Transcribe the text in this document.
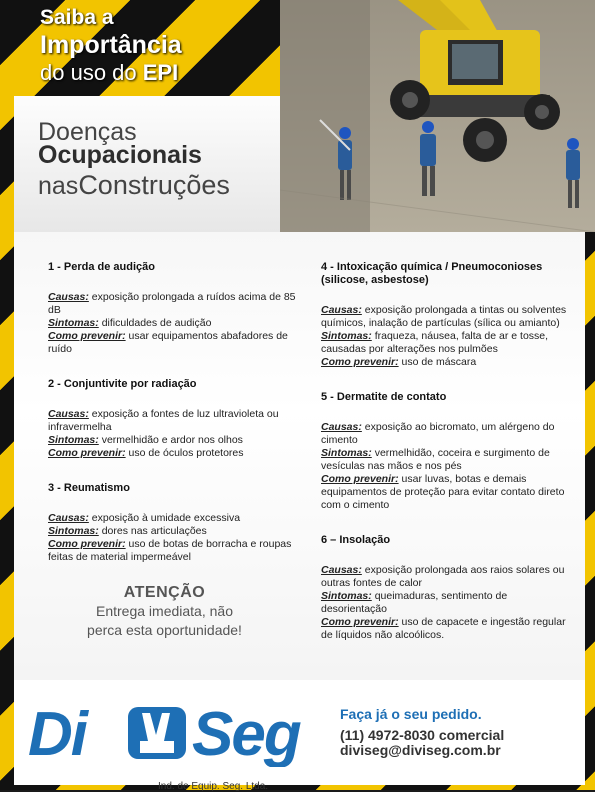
Saiba a
Importância
do uso do EPI
Doenças
Ocupacionais
nasConstruções
1 - Perda de audição

Causas: exposição prolongada a ruídos acima de 85 dB

Sintomas: dificuldades de audição

Como prevenir: usar equipamentos abafadores de ruído

2 - Conjuntivite por radiação

Causas: exposição a fontes de luz ultravioleta ou infravermelha

Sintomas: vermelhidão e ardor nos olhos

Como prevenir: uso de óculos protetores

3 - Reumatismo

Causas: exposição à umidade excessiva

Sintomas: dores nas articulações

Como prevenir: uso de botas de borracha e roupas feitas de material impermeável

ATENÇÃO
Entrega imediata, não
perca esta oportunidade!
4 - Intoxicação química / Pneumoconioses (silicose, asbestose)

Causas: exposição prolongada a tintas ou solventes químicos, inalação de partículas (sílica ou amianto)

Sintomas: fraqueza, náusea, falta de ar e tosse, causadas por alterações nos pulmões

Como prevenir: uso de máscara

5 - Dermatite de contato

Causas: exposição ao bicromato, um alérgeno do cimento

Sintomas: vermelhidão, coceira e surgimento de vesículas nas mãos e nos pés

Como prevenir: usar luvas, botas e demais equipamentos de proteção para evitar contato direto com o cimento

6 – Insolação

Causas: exposição prolongada aos raios solares ou outras fontes de calor

Sintomas: queimaduras, sentimento de desorientação

Como prevenir: uso de capacete e ingestão regular de líquidos não alcoólicos.

Di Seg
Ind. de Equip. Seg. Ltda.
Faça já o seu pedido.
(11) 4972-8030 comercial
diviseg@diviseg.com.br
